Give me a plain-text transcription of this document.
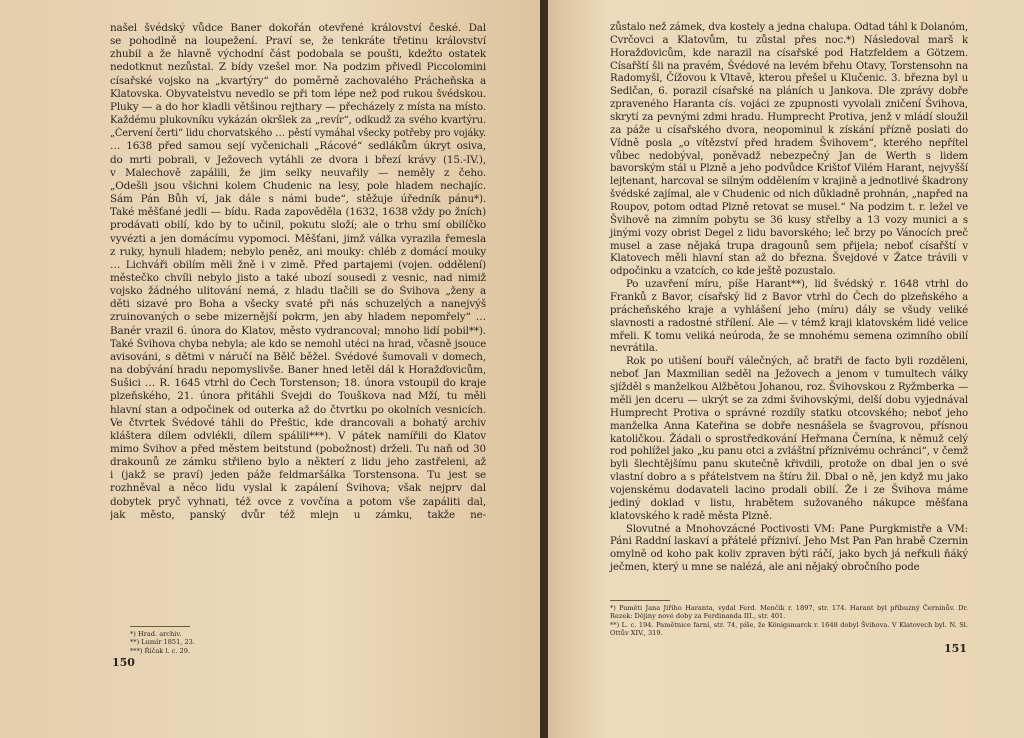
našel švédský vůdce Baner dokořán otevřené království české. Dal
se pohodlně na loupežení. Praví se, že tenkráte třetinu království
zhubil a že hlavně východní část podobala se poušti, kdežto ostatek
nedotknut nezůstal. Z bídy vzešel mor. Na podzim přivedl Piccolomini
císařské vojsko na „kvartýry“ do poměrně zachovalého Prácheňska a
Klatovska. Obyvatelstvu nevedlo se při tom lépe než pod rukou švédskou.
Pluky — a do hor kladli většinou rejthary — přecházely z místa na místo.
Každému plukovníku vykázán okršlek za „revír“, odkudž za svého kvartýru.
„Červení čerti“ lidu chorvatského … pěstí vymáhal všecky potřeby pro vojáky.
… 1638 před samou sejí vyčenichali „Rácové“ sedlákům úkryt osiva,
do mrti pobrali, v Ježovech vytáhli ze dvora i březí krávy (15.-IV.),
v Malechově zapálili, že jim selky neuvařily — neměly z čeho.
„Odešli jsou všichni kolem Chudenic na lesy, pole hladem nechajíc.
Sám Pán Bůh ví, jak dále s námi bude“, stěžuje úředník pánu*).
Také měšťané jedli — bídu. Rada zapověděla (1632, 1638 vždy po žních)
prodávati obilí, kdo by to učinil, pokutu složí; ale o trhu smí obilíčko
vyvézti a jen domácímu vypomoci. Měšťani, jimž válka vyrazila řemesla
z ruky, hynuli hladem; nebylo peněz, ani mouky: chléb z domácí mouky
… Lichváři obilím měli žně i v zimě. Před partajemi (vojen. oddělení)
městečko chvíli nebylo jisto a také ubozí sousedi z vesnic, nad nimiž
vojsko žádného ulitování nemá, z hladu tlačili se do Švihova „ženy a
děti sizavé pro Boha a všecky svaté při nás schuzelých a nanejvýš
zruinovaných o sebe mizernější pokrm, jen aby hladem nepomřely“ …
Banér vrazil 6. února do Klatov, město vydrancoval; mnoho lidí pobil**).
Také Švihova chyba nebyla; ale kdo se nemohl utéci na hrad, včasně jsouce
avisováni, s dětmi v náručí na Bělč běžel. Švédové šumovali v domech,
na dobývání hradu nepomyslivše. Baner hned letěl dál k Horažďovicům,
Sušici … R. 1645 vtrhl do Čech Torstenson; 18. února vstoupil do kraje
plzeňského, 21. února přitáhli Švejdi do Touškova nad Mží, tu měli
hlavní stan a odpočinek od outerka až do čtvrtku po okolních vesnicích.
Ve čtvrtek Švédové táhli do Přeštic, kde drancovali a bohatý archiv
kláštera dílem odvlékli, dílem spálili***). V pátek namířili do Klatov
mimo Švihov a před městem beitstund (pobožnost) drželi. Tu naň od 30
drakounů ze zámku střileno bylo a některí z lidu jeho zastřeleni, až
i (jakž se praví) jeden páže feldmaršálka Torstensona. Tu jest se
rozhněval a něco lidu vyslal k zapálení Švihova; však nejprv dal
dobytek pryč vyhnati, též ovce z vovčína a potom vše zapáliti dal,
jak město, panský dvůr též mlejn u zámku, takže ne-
*) Hrad. archiv.
**) Lumír 1851, 23.
***) Říčak l. c. 29.
150

zůstalo než zámek, dva kostely a jedna chalupa. Odtad táhl k Dolanóm, Cvrčovci a Klatovům, tu zůstal přes noc.*) Následoval marš k Horažďovicům, kde narazil na císařské pod Hatzfeldem a Götzem. Císařští šli na pravém, Švédové na levém břehu Otavy, Torstensohn na Radomyšl, Čížovou k Vltavě, kterou přešel u Klučenic. 3. března byl u Sedlčan, 6. porazil císařské na pláních u Jankova. Dle zprávy dobře zpraveného Haranta cís. vojáci ze zpupnosti vyvolali zničení Švihova, skrytí za pevnými zdmi hradu. Humprecht Protiva, jenž v mládí sloužil za páže u císařského dvora, neopominul k získání přízně poslati do Vídně posla „o vítězství před hradem Švihovem“, kterého nepřítel vůbec nedobýval, poněvadž nebezpečný Jan de Werth s lidem bavorským stál u Plzně a jeho podvůdce Krištof Vilém Harant, nejvyšší lejtenant, harcoval se silným oddělením v krajině a jednotlivé škadrony švédské zajímal, ale v Chudenic od nich důkladně prohnán, „napřed na Roupov, potom odtad Plzně retovat se musel.“ Na podzim t. r. ležel ve Švihově na zimním pobytu se 36 kusy střelby a 13 vozy munici a s jinými vozy obrist Degel z lidu bavorského; leč brzy po Vánocích preč musel a zase nějaká trupa dragounů sem přijela; neboť císařští v Klatovech měli hlavní stan až do března. Švejdové v Žatce trávili v odpočinku a vzatcích, co kde ještě pozustalo.

Po uzavření míru, píše Harant**), lid švédský r. 1648 vtrhl do Franků z Bavor, císařský lid z Bavor vtrhl do Čech do plzeňského a prácheňského kraje a vyhlášení jeho (míru) dály se všudy veliké slavnosti a radostné střílení. Ale — v témž kraji klatovském lidé velice mřeli. K tomu veliká neúroda, že se mnohému semena ozimního obilí nevrátila.

Rok po utišení bouří válečných, ač bratři de facto byli rozděleni, neboť Jan Maxmilian seděl na Ježovech a jenom v tumultech války sjížděl s manželkou Alžbětou Johanou, roz. Švihovskou z Ryžmberka — měli jen dceru — ukrýt se za zdmi švihovskými, delší dobu vyjednával Humprecht Protiva o správné rozdíly statku otcovského; neboť jeho manželka Anna Kateřina se dobře nesnášela se švagrovou, přísnou katoličkou. Žádali o sprostředkování Heřmana Černína, k němuž celý rod pohlížel jako „ku panu otci a zvláštní příznivému ochránci“, v čemž byli šlechtějšímu panu skutečně křivdili, protože on dbal jen o své vlastní dobro a s přátelstvem na štíru žil. Dbal o ně, jen když mu jako vojenskému dodavateli lacino prodali obilí. Že i ze Švihova máme jediný doklad v listu, hrabětem sužovaného nákupce měšťana klatovského k radě města Plzně.

Slovutné a Mnohovzácné Poctivosti VM: Pane Purgkmistře a VM: Páni Raddní laskaví a přátelé přízniví. Jeho Mst Pan Pan hrabě Czernin omylně od koho pak koliv zpraven býti ráčí, jako bych já neřkuli ňáký ječmen, který u mne se nalézá, ale ani nějaký obročního pode

*) Paměti Jana Jiřího Haranta, vydal Ferd. Menčík r. 1897, str. 174. Harant byl příbuzný Černínův. Dr. Rezek: Dějiny nové doby za Ferdinanda III., str. 401.
**) L. c. 194. Pamětnice farní, str. 74, píše, že Königsmarck r. 1648 dobyl Švihova. V Klatovech byl. N. Sl. Ottův XIV., 319.
151
